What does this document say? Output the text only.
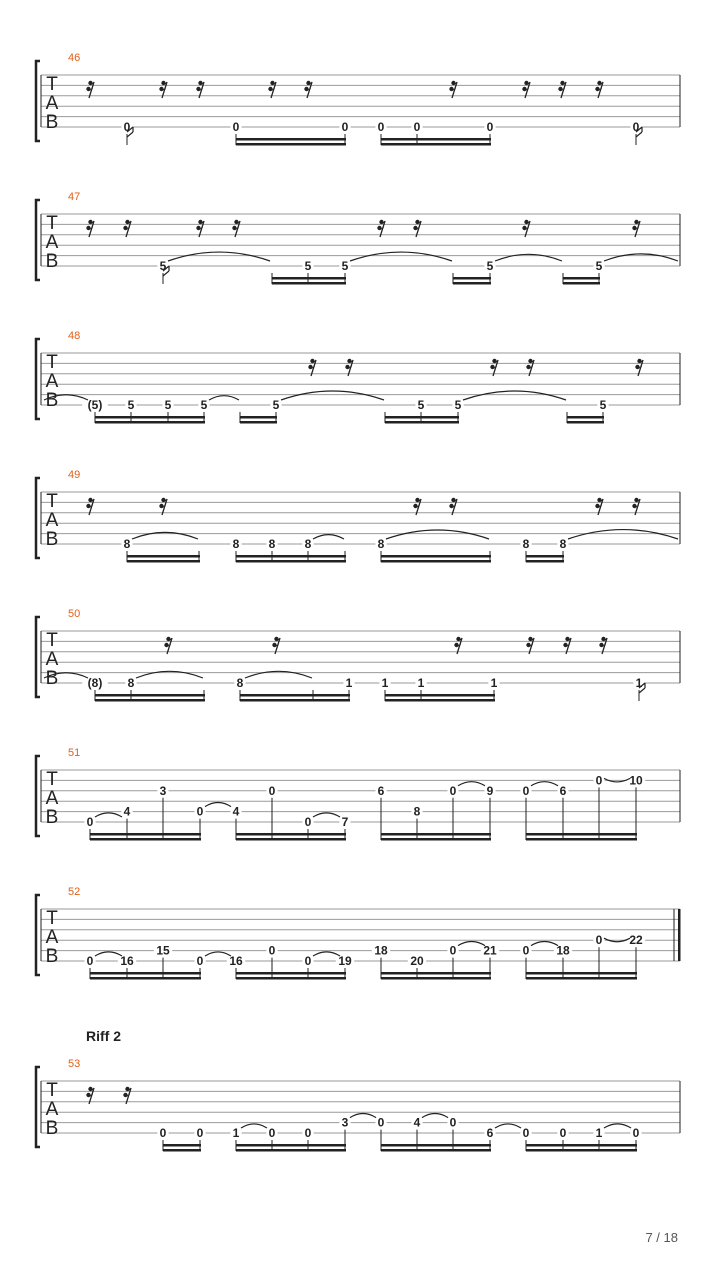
Riff 2
T
A
B
46
0	0	0 0 0	0	0
T
A
B
47
5	5	5	5	5
T
A
B
48
(5) 5	5 5	5	5	5	5
T
A
B
49
8	8 8 8	8	8	8
T
A
B
50
(8) 8	8	1 1 1	1	1
T
A
B
51
0
4
3
0 4
0
0	7
6
8
0	9 0	6
0 10
T
A
B
52
0 16
15
0 16
0
0 19
18
20
0 21 0 18
0 22
T
A
B
53
0	0 1 0 0
3 0 4 0
6 0	0 1	0
7 / 18
